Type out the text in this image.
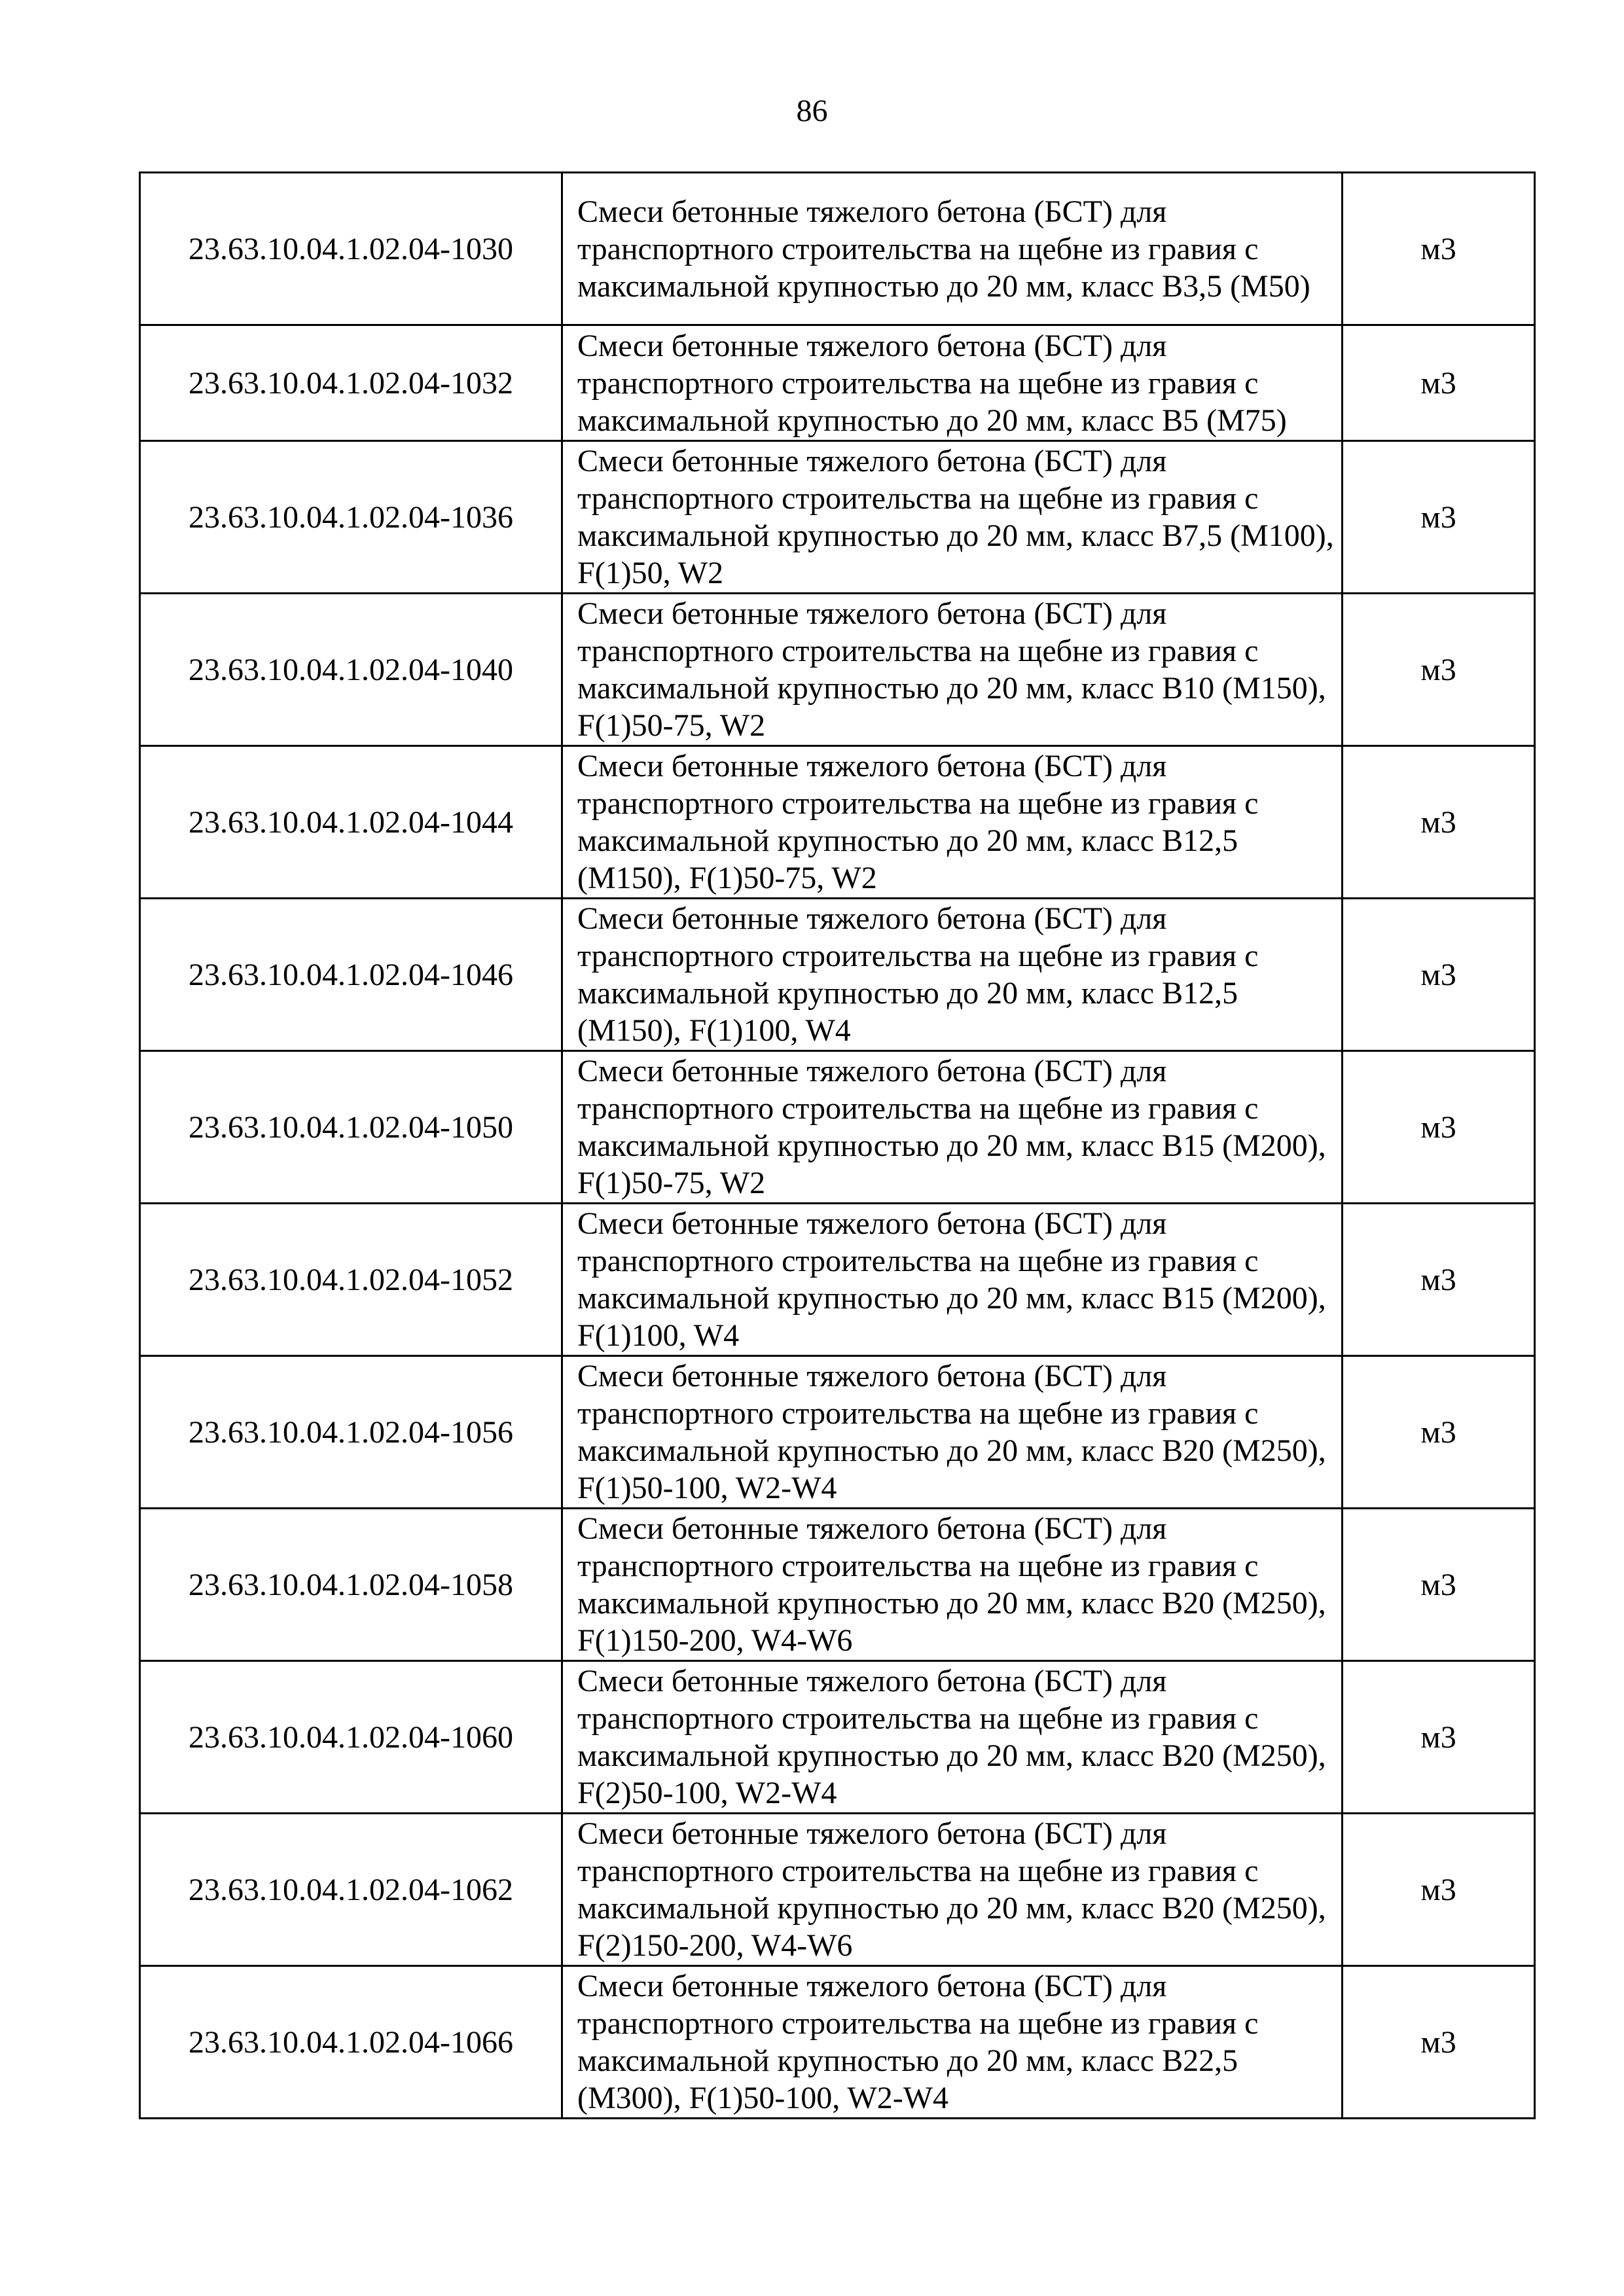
86
23.63.10.04.1.02.04-1030	Смеси бетонные тяжелого бетона (БСТ) для транспортного строительства на щебне из гравия с максимальной крупностью до 20 мм, класс В3,5 (М50)	м3
23.63.10.04.1.02.04-1032	Смеси бетонные тяжелого бетона (БСТ) для транспортного строительства на щебне из гравия с максимальной крупностью до 20 мм, класс В5 (М75)	м3
23.63.10.04.1.02.04-1036	Смеси бетонные тяжелого бетона (БСТ) для транспортного строительства на щебне из гравия с максимальной крупностью до 20 мм, класс В7,5 (М100), F(1)50, W2	м3
23.63.10.04.1.02.04-1040	Смеси бетонные тяжелого бетона (БСТ) для транспортного строительства на щебне из гравия с максимальной крупностью до 20 мм, класс В10 (М150), F(1)50-75, W2	м3
23.63.10.04.1.02.04-1044	Смеси бетонные тяжелого бетона (БСТ) для транспортного строительства на щебне из гравия с максимальной крупностью до 20 мм, класс В12,5 (М150), F(1)50-75, W2	м3
23.63.10.04.1.02.04-1046	Смеси бетонные тяжелого бетона (БСТ) для транспортного строительства на щебне из гравия с максимальной крупностью до 20 мм, класс В12,5 (М150), F(1)100, W4	м3
23.63.10.04.1.02.04-1050	Смеси бетонные тяжелого бетона (БСТ) для транспортного строительства на щебне из гравия с максимальной крупностью до 20 мм, класс В15 (М200), F(1)50-75, W2	м3
23.63.10.04.1.02.04-1052	Смеси бетонные тяжелого бетона (БСТ) для транспортного строительства на щебне из гравия с максимальной крупностью до 20 мм, класс В15 (М200), F(1)100, W4	м3
23.63.10.04.1.02.04-1056	Смеси бетонные тяжелого бетона (БСТ) для транспортного строительства на щебне из гравия с максимальной крупностью до 20 мм, класс В20 (М250), F(1)50-100, W2-W4	м3
23.63.10.04.1.02.04-1058	Смеси бетонные тяжелого бетона (БСТ) для транспортного строительства на щебне из гравия с максимальной крупностью до 20 мм, класс В20 (М250), F(1)150-200, W4-W6	м3
23.63.10.04.1.02.04-1060	Смеси бетонные тяжелого бетона (БСТ) для транспортного строительства на щебне из гравия с максимальной крупностью до 20 мм, класс В20 (М250), F(2)50-100, W2-W4	м3
23.63.10.04.1.02.04-1062	Смеси бетонные тяжелого бетона (БСТ) для транспортного строительства на щебне из гравия с максимальной крупностью до 20 мм, класс В20 (М250), F(2)150-200, W4-W6	м3
23.63.10.04.1.02.04-1066	Смеси бетонные тяжелого бетона (БСТ) для транспортного строительства на щебне из гравия с максимальной крупностью до 20 мм, класс В22,5 (М300), F(1)50-100, W2-W4	м3
